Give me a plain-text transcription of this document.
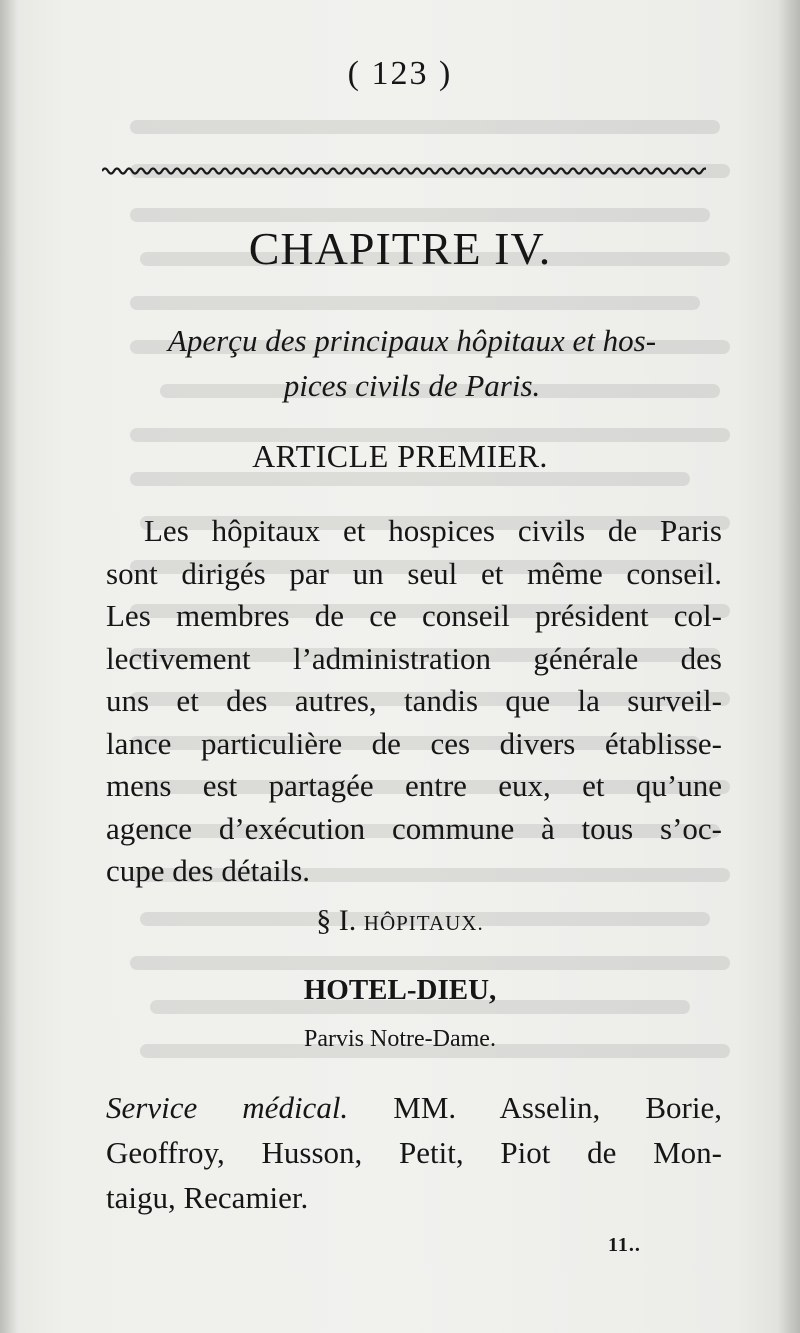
( 123 )
CHAPITRE IV.
Aperçu des principaux hôpitaux et hos-
pices civils de Paris.
ARTICLE PREMIER.
Les hôpitaux et hospices civils de Paris
sont dirigés par un seul et même conseil.
Les membres de ce conseil président col-
lectivement l’administration générale des
uns et des autres, tandis que la surveil-
lance particulière de ces divers établisse-
mens est partagée entre eux, et qu’une
agence d’exécution commune à tous s’oc-
cupe des détails.
§ I. HÔPITAUX.
HOTEL-DIEU,
Parvis Notre-Dame.
Service médical. MM. Asselin, Borie,
Geoffroy, Husson, Petit, Piot de Mon-
taigu, Recamier.
11..
